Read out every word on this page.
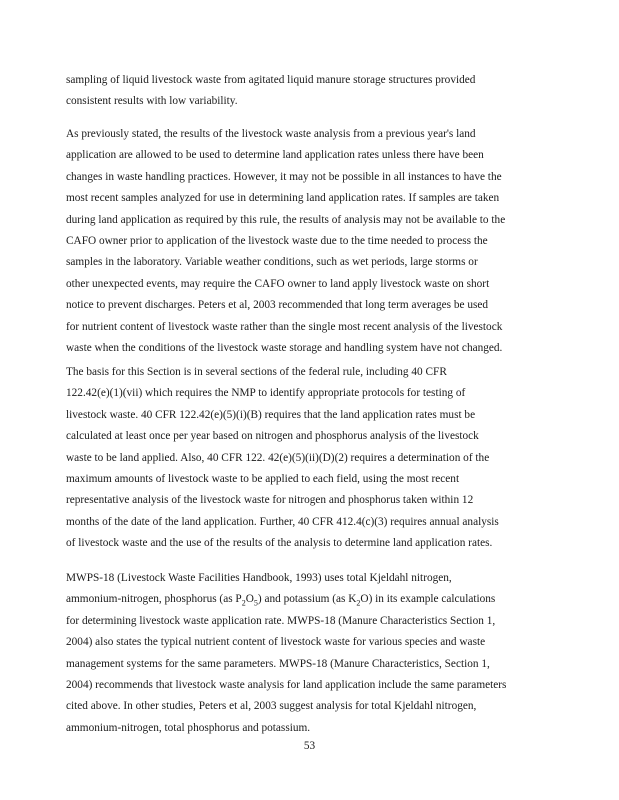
sampling of liquid livestock waste from agitated liquid manure storage structures provided
consistent results with low variability.

As previously stated, the results of the livestock waste analysis from a previous year's land
application are allowed to be used to determine land application rates unless there have been
changes in waste handling practices. However, it may not be possible in all instances to have the
most recent samples analyzed for use in determining land application rates. If samples are taken
during land application as required by this rule, the results of analysis may not be available to the
CAFO owner prior to application of the livestock waste due to the time needed to process the
samples in the laboratory. Variable weather conditions, such as wet periods, large storms or
other unexpected events, may require the CAFO owner to land apply livestock waste on short
notice to prevent discharges. Peters et al, 2003 recommended that long term averages be used
for nutrient content of livestock waste rather than the single most recent analysis of the livestock
waste when the conditions of the livestock waste storage and handling system have not changed.

The basis for this Section is in several sections of the federal rule, including 40 CFR
122.42(e)(1)(vii) which requires the NMP to identify appropriate protocols for testing of
livestock waste. 40 CFR 122.42(e)(5)(i)(B) requires that the land application rates must be
calculated at least once per year based on nitrogen and phosphorus analysis of the livestock
waste to be land applied. Also, 40 CFR 122. 42(e)(5)(ii)(D)(2) requires a determination of the
maximum amounts of livestock waste to be applied to each field, using the most recent
representative analysis of the livestock waste for nitrogen and phosphorus taken within 12
months of the date of the land application. Further, 40 CFR 412.4(c)(3) requires annual analysis
of livestock waste and the use of the results of the analysis to determine land application rates.

MWPS-18 (Livestock Waste Facilities Handbook, 1993) uses total Kjeldahl nitrogen,
ammonium-nitrogen, phosphorus (as $P_2O_5$) and potassium (as $K_2O$) in its example calculations
for determining livestock waste application rate. MWPS-18 (Manure Characteristics Section 1,
2004) also states the typical nutrient content of livestock waste for various species and waste
management systems for the same parameters. MWPS-18 (Manure Characteristics, Section 1,
2004) recommends that livestock waste analysis for land application include the same parameters
cited above. In other studies, Peters et al, 2003 suggest analysis for total Kjeldahl nitrogen,
ammonium-nitrogen, total phosphorus and potassium.

53
